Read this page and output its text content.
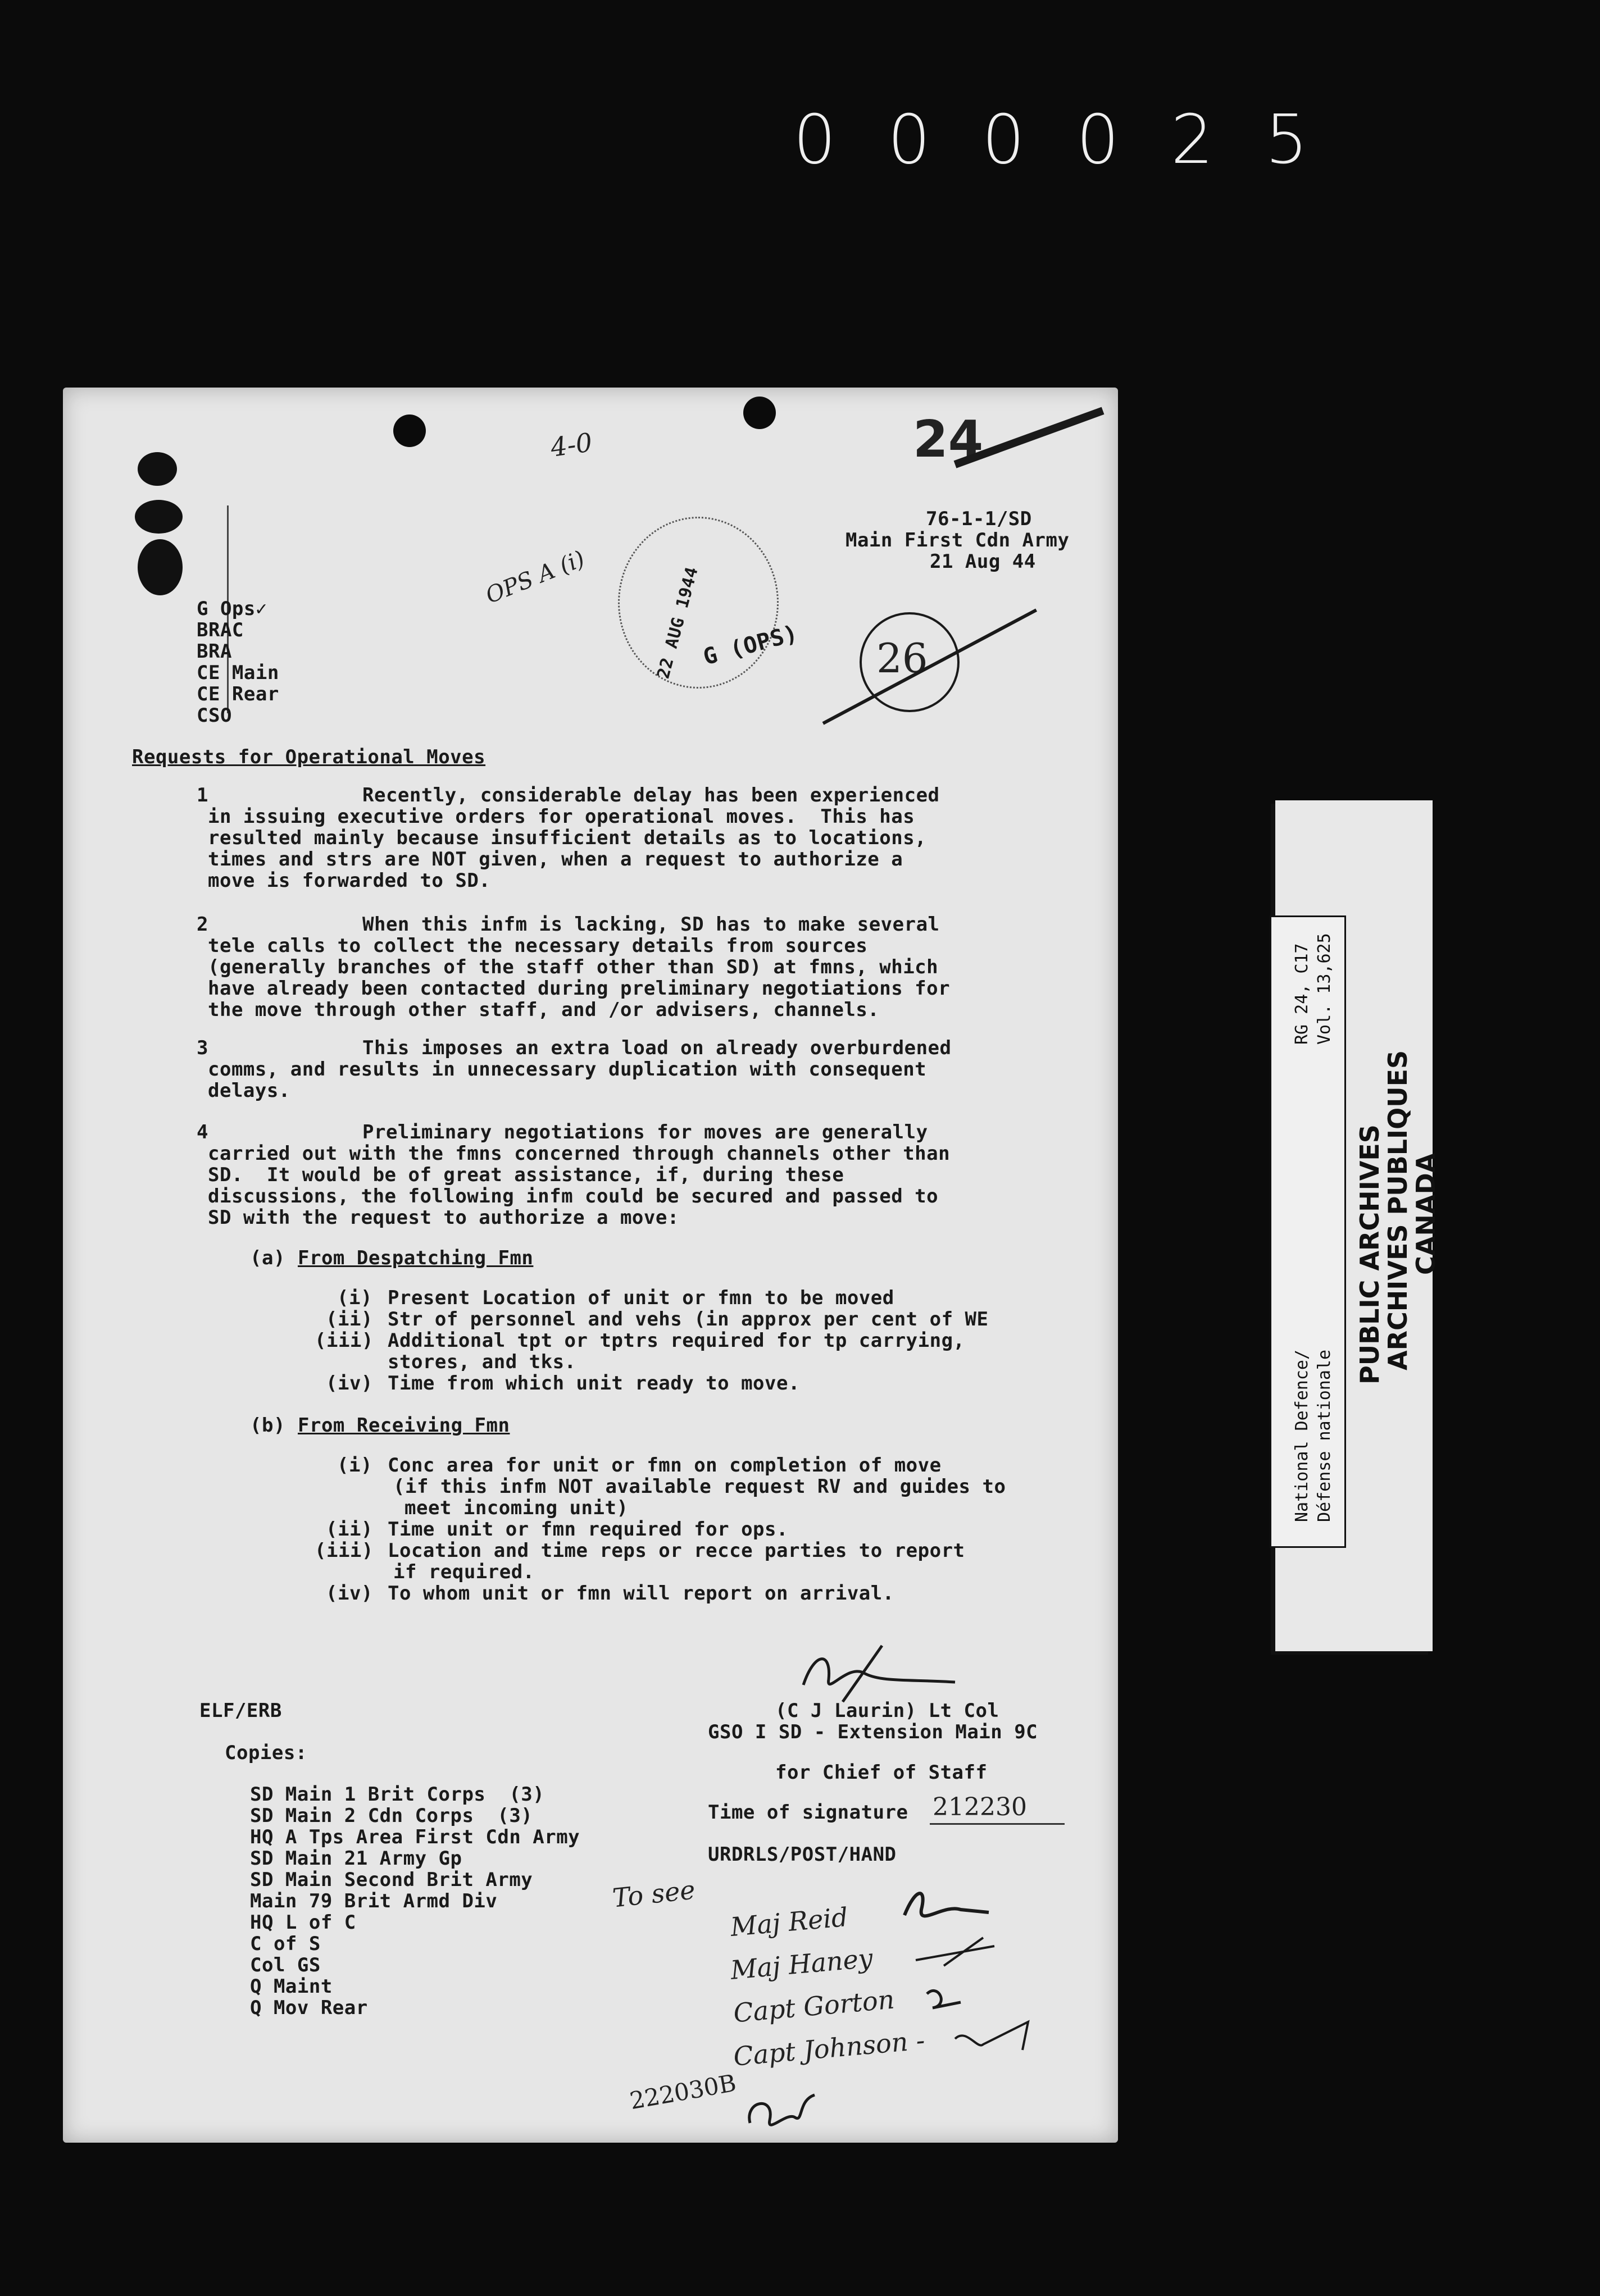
0 0 0 0 2 5
4-0
OPS A (i)
24
26
22 AUG 1944
G (OPS)
76-1-1/SD
Main First Cdn Army
21 Aug 44
G Ops✓
BRAC
BRA
CE Main
CE Rear
CSO
Requests for Operational Moves
1	Recently, considerable delay has been experienced
in issuing executive orders for operational moves.  This has
resulted mainly because insufficient details as to locations,
times and strs are NOT given, when a request to authorize a
move is forwarded to SD.
2	When this infm is lacking, SD has to make several
tele calls to collect the necessary details from sources
(generally branches of the staff other than SD) at fmns, which
have already been contacted during preliminary negotiations for
the move through other staff, and /or advisers, channels.
3	This imposes an extra load on already overburdened
comms, and results in unnecessary duplication with consequent
delays.
4	Preliminary negotiations for moves are generally
carried out with the fmns concerned through channels other than
SD.  It would be of great assistance, if, during these
discussions, the following infm could be secured and passed to
SD with the request to authorize a move:
(a) From Despatching Fmn
(i) Present Location of unit or fmn to be moved
(ii) Str of personnel and vehs (in approx per cent of WE
(iii) Additional tpt or tptrs required for tp carrying,
stores, and tks.
(iv) Time from which unit ready to move.
(b) From Receiving Fmn
(i) Conc area for unit or fmn on completion of move
(if this infm NOT available request RV and guides to
meet incoming unit)
(ii) Time unit or fmn required for ops.
(iii) Location and time reps or recce parties to report
if required.
(iv) To whom unit or fmn will report on arrival.
(C J Laurin) Lt Col
GSO I SD - Extension Main 9C
for Chief of Staff
Time of signature 212230
URDRLS/POST/HAND
ELF/ERB
Copies:
SD Main 1 Brit Corps  (3)
SD Main 2 Cdn Corps  (3)
HQ A Tps Area First Cdn Army
SD Main 21 Army Gp
SD Main Second Brit Army
Main 79 Brit Armd Div
HQ L of C
C of S
Col GS
Q Maint
Q Mov Rear
To see
Maj Reid
Maj Haney
Capt Gorton
Capt Johnson -
222030B
RG 24, C17 Vol. 13,625
National Defence/ Défense nationale
PUBLIC ARCHIVES
ARCHIVES PUBLIQUES
CANADA
